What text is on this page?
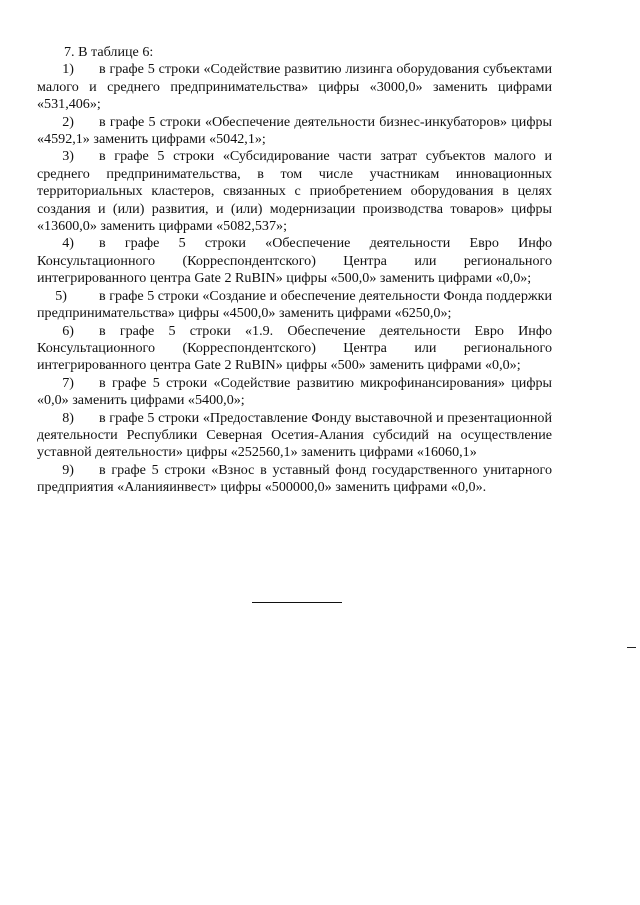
7. В таблице 6:

1) в графе 5 строки «Содействие развитию лизинга оборудования субъектами малого и среднего предпринимательства» цифры «3000,0» заменить цифрами «531,406»;

2) в графе 5 строки «Обеспечение деятельности бизнес-инкубаторов» цифры «4592,1» заменить цифрами «5042,1»;

3) в графе 5 строки «Субсидирование части затрат субъектов малого и среднего предпринимательства, в том числе участникам инновационных территориальных кластеров, связанных с приобретением оборудования в целях создания и (или) развития, и (или) модернизации производства товаров» цифры «13600,0» заменить цифрами «5082,537»;

4) в графе 5 строки «Обеспечение деятельности Евро Инфо Консультационного (Корреспондентского) Центра или регионального интегрированного центра Gate 2 RuBIN» цифры «500,0» заменить цифрами «0,0»;

5) в графе 5 строки «Создание и обеспечение деятельности Фонда поддержки предпринимательства» цифры «4500,0» заменить цифрами «6250,0»;

6) в графе 5 строки «1.9. Обеспечение деятельности Евро Инфо Консультационного (Корреспондентского) Центра или регионального интегрированного центра Gate 2 RuBIN» цифры «500» заменить цифрами «0,0»;

7) в графе 5 строки «Содействие развитию микрофинансирования» цифры «0,0» заменить цифрами «5400,0»;

8) в графе 5 строки «Предоставление Фонду выставочной и презентационной деятельности Республики Северная Осетия-Алания субсидий на осуществление уставной деятельности» цифры «252560,1» заменить цифрами «16060,1»

9) в графе 5 строки «Взнос в уставный фонд государственного унитарного предприятия «Аланияинвест» цифры «500000,0» заменить цифрами «0,0».
